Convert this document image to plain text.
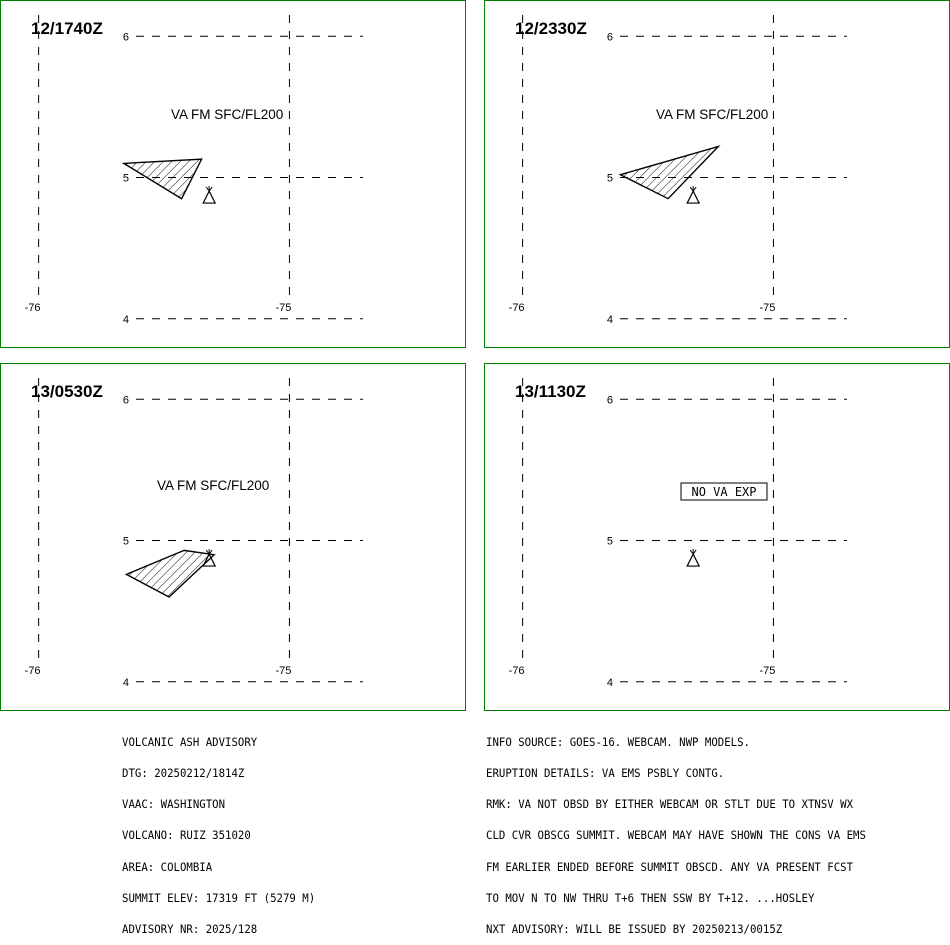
6
5
4
-76	-75
VA FM SFC/FL200
12/1740Z	6
5
4
-76	-75
VA FM SFC/FL200
12/2330Z
6
5
4
-76	-75
VA FM SFC/FL200
13/0530Z	6
5
4
-76	-75
NO VA EXP
13/1130Z

VOLCANIC ASH ADVISORY

DTG: 20250212/1814Z

VAAC: WASHINGTON

VOLCANO: RUIZ 351020

AREA: COLOMBIA

SUMMIT ELEV: 17319 FT (5279 M)

ADVISORY NR: 2025/128

INFO SOURCE: GOES-16. WEBCAM. NWP MODELS.

ERUPTION DETAILS: VA EMS PSBLY CONTG.

RMK: VA NOT OBSD BY EITHER WEBCAM OR STLT DUE TO XTNSV WX

CLD CVR OBSCG SUMMIT. WEBCAM MAY HAVE SHOWN THE CONS VA EMS

FM EARLIER ENDED BEFORE SUMMIT OBSCD. ANY VA PRESENT FCST

TO MOV N TO NW THRU T+6 THEN SSW BY T+12. ...HOSLEY

NXT ADVISORY: WILL BE ISSUED BY 20250213/0015Z
